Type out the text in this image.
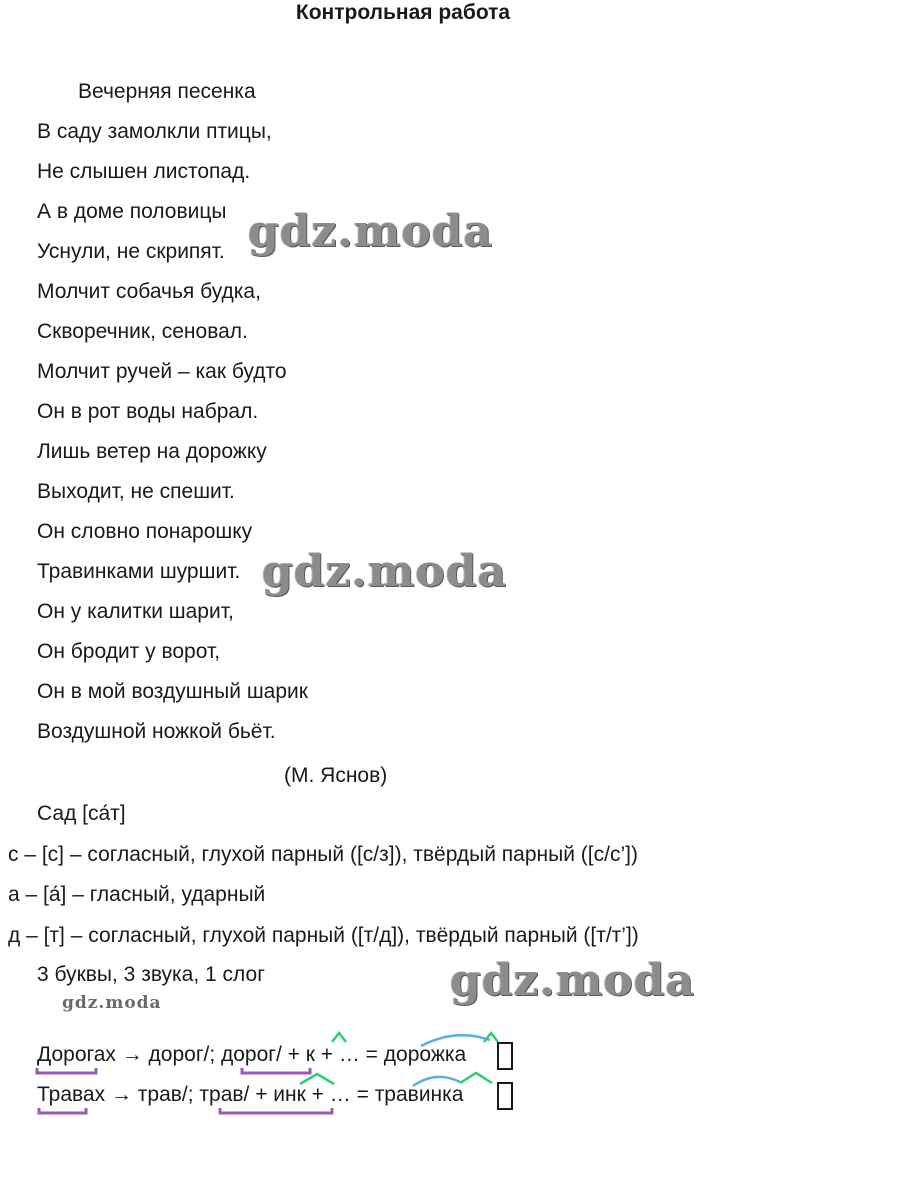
Контрольная работа
Вечерняя песенка
В саду замолкли птицы,
Не слышен листопад.
А в доме половицы
Уснули, не скрипят.
Молчит собачья будка,
Скворечник, сеновал.
Молчит ручей – как будто
Он в рот воды набрал.
Лишь ветер на дорожку
Выходит, не спешит.
Он словно понарошку
Травинками шуршит.
Он у калитки шарит,
Он бродит у ворот,
Он в мой воздушный шарик
Воздушной ножкой бьёт.
(М. Яснов)
Сад [са́т]
с – [с] – согласный, глухой парный ([с/з]), твёрдый парный ([с/с’])
а – [а́] – гласный, ударный
д – [т] – согласный, глухой парный ([т/д]), твёрдый парный ([т/т’])
3 буквы, 3 звука, 1 слог
Дорогах → дорог/; дорог/ + к + … = дорожка
Травах → трав/; трав/ + инк + … = травинка
gdz.moda
gdz.moda
gdz.moda
gdz.moda
